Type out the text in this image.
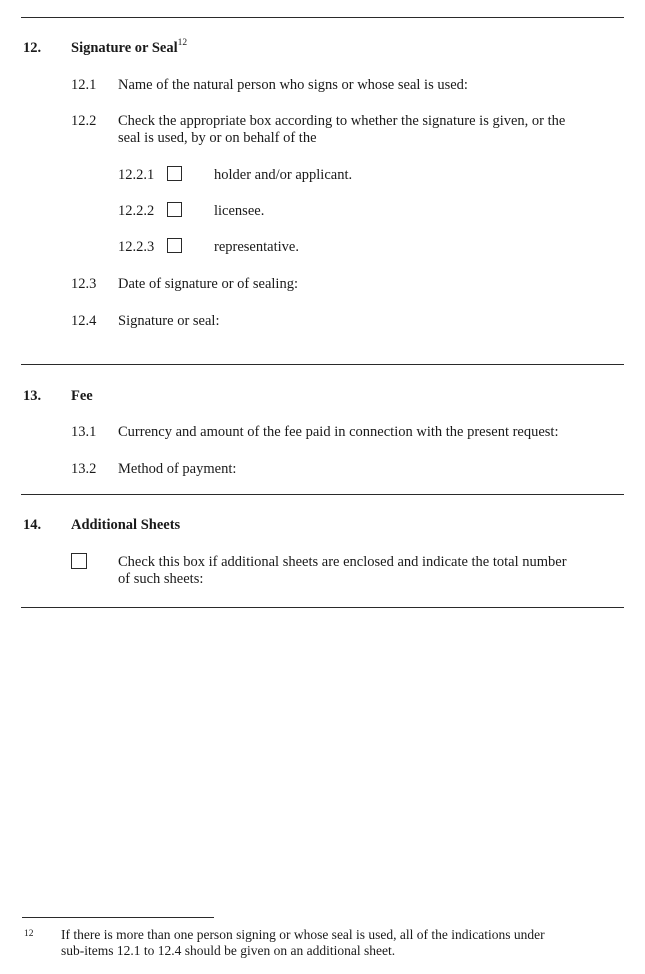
12. Signature or Seal$^{12}$
12.1 Name of the natural person who signs or whose seal is used:
12.2 Check the appropriate box according to whether the signature is given, or the
seal is used, by or on behalf of the
12.2.1	holder and/or applicant.
12.2.2	licensee.
12.2.3	representative.
12.3 Date of signature or of sealing:
12.4 Signature or seal:
13. Fee
13.1 Currency and amount of the fee paid in connection with the present request:
13.2 Method of payment:
14. Additional Sheets
Check this box if additional sheets are enclosed and indicate the total number
of such sheets:
12 If there is more than one person signing or whose seal is used, all of the indications under
sub-items 12.1 to 12.4 should be given on an additional sheet.
